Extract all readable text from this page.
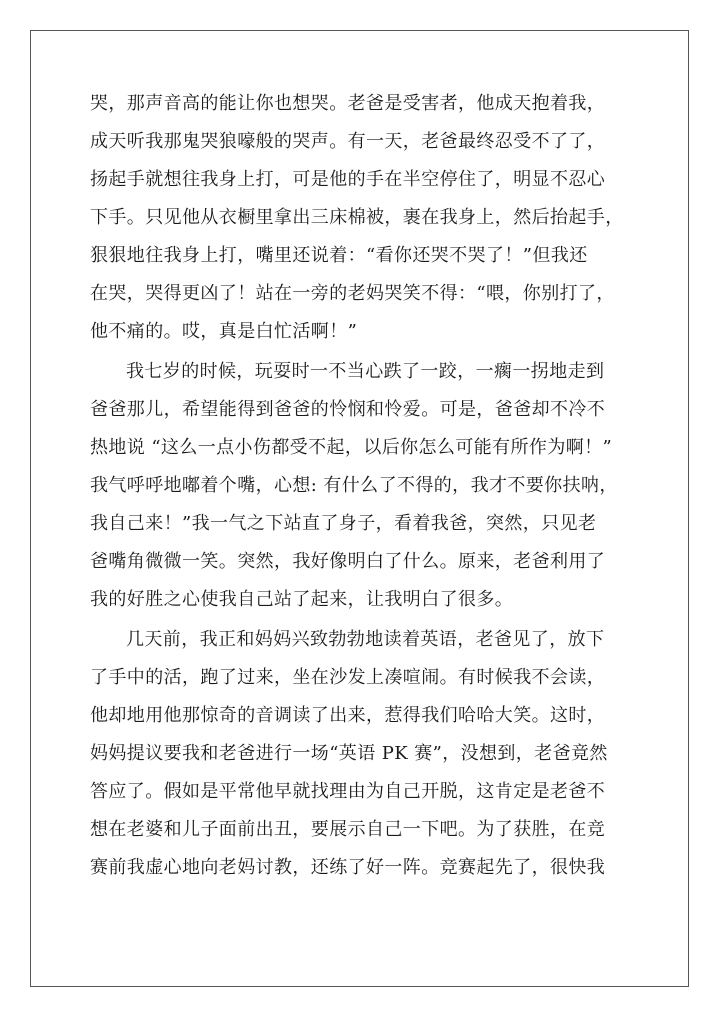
哭，那声音高的能让你也想哭。老爸是受害者，他成天抱着我，
成天听我那鬼哭狼嚎般的哭声。有一天，老爸最终忍受不了了，
扬起手就想往我身上打，可是他的手在半空停住了，明显不忍心
下手。只见他从衣橱里拿出三床棉被，裹在我身上，然后抬起手，
狠狠地往我身上打，嘴里还说着：“看你还哭不哭了！”但我还
在哭，哭得更凶了！站在一旁的老妈哭笑不得：“喂，你别打了，
他不痛的。哎，真是白忙活啊！”
我七岁的时候，玩耍时一不当心跌了一跤，一瘸一拐地走到
爸爸那儿，希望能得到爸爸的怜悯和怜爱。可是，爸爸却不冷不
热地说 “这么一点小伤都受不起，以后你怎么可能有所作为啊！”
我气呼呼地嘟着个嘴，心想: 有什么了不得的，我才不要你扶呐，
我自己来！”我一气之下站直了身子，看着我爸，突然，只见老
爸嘴角微微一笑。突然，我好像明白了什么。原来，老爸利用了
我的好胜之心使我自己站了起来，让我明白了很多。
几天前，我正和妈妈兴致勃勃地读着英语，老爸见了，放下
了手中的活，跑了过来，坐在沙发上凑喧闹。有时候我不会读，
他却地用他那惊奇的音调读了出来，惹得我们哈哈大笑。这时，
妈妈提议要我和老爸进行一场“英语 PK 赛”，没想到，老爸竟然
答应了。假如是平常他早就找理由为自己开脱，这肯定是老爸不
想在老婆和儿子面前出丑，要展示自己一下吧。为了获胜，在竞
赛前我虚心地向老妈讨教，还练了好一阵。竞赛起先了，很快我
